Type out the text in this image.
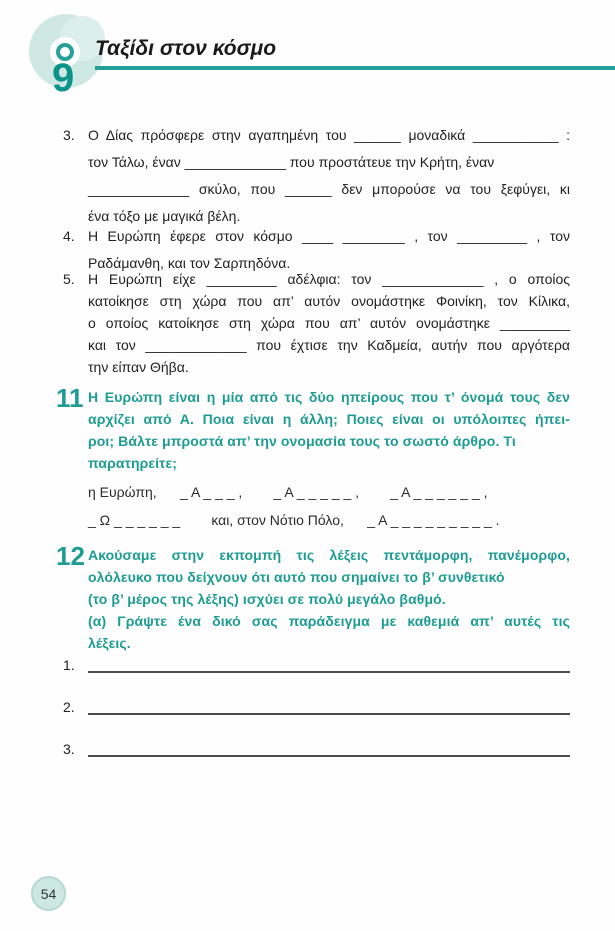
9
Ταξίδι στον κόσμο
3. Ο Δίας πρόσφερε στην αγαπημένη του ______ μοναδικά ___________ :
τον Τάλω, έναν _____________ που προστάτευε την Κρήτη, έναν
_____________ σκύλο, που ______ δεν μπορούσε να του ξεφύγει, κι
ένα τόξο με μαγικά βέλη.
4. Η Ευρώπη έφερε στον κόσμο ____ ________ , τον _________ , τον
Ραδάμανθη, και τον Σαρπηδόνα.
5. Η Ευρώπη είχε _________ αδέλφια: τον _____________ , ο οποίος
κατοίκησε στη χώρα που απ’ αυτόν ονομάστηκε Φοινίκη, τον Κίλικα,
ο οποίος κατοίκησε στη χώρα που απ’ αυτόν ονομάστηκε _________
και τον _____________ που έχτισε την Καδμεία, αυτήν που αργότερα
την είπαν Θήβα.
11 Η Ευρώπη είναι η μία από τις δύο ηπείρους που τ’ όνομά τους δεν
αρχίζει από Α. Ποια είναι η άλλη; Ποιες είναι οι υπόλοιπες ήπει-
ροι; Βάλτε μπροστά απ’ την ονομασία τους το σωστό άρθρο. Τι
παρατηρείτε;
η Ευρώπη,      _ Α _ _ _ ,        _ Α _ _ _ _ _ ,        _ Α _ _ _ _ _ _ ,
_ Ω _ _ _ _ _ _        και, στον Νότιο Πόλο,      _ Α _ _ _ _ _ _ _ _ _ .
12 Ακούσαμε στην εκπομπή τις λέξεις πεντάμορφη, πανέμορφο,
ολόλευκο που δείχνουν ότι αυτό που σημαίνει το β’ συνθετικό
(το β’ μέρος της λέξης) ισχύει σε πολύ μεγάλο βαθμό.
(α) Γράψτε ένα δικό σας παράδειγμα με καθεμιά απ’ αυτές τις
λέξεις.
1.
2.
3.
54
